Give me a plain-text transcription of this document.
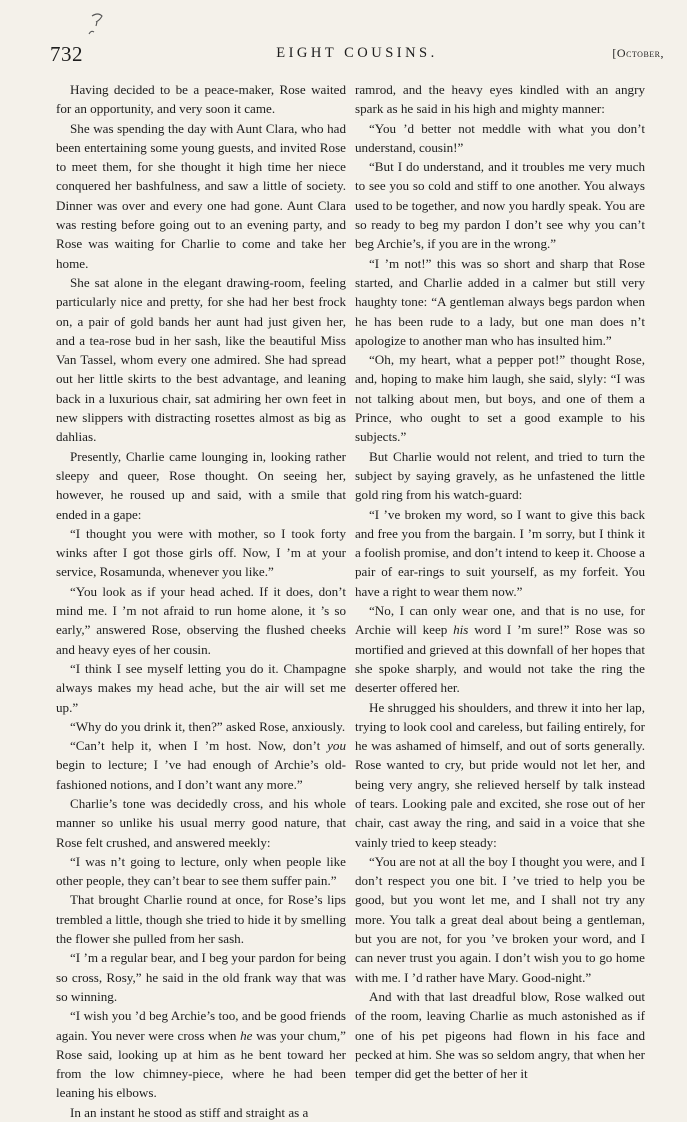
732	EIGHT COUSINS.	[October,

Having decided to be a peace-maker, Rose waited for an opportunity, and very soon it came.

She was spending the day with Aunt Clara, who had been entertaining some young guests, and invited Rose to meet them, for she thought it high time her niece conquered her bashfulness, and saw a little of society. Dinner was over and every one had gone. Aunt Clara was resting before going out to an evening party, and Rose was waiting for Charlie to come and take her home.

She sat alone in the elegant drawing-room, feeling particularly nice and pretty, for she had her best frock on, a pair of gold bands her aunt had just given her, and a tea-rose bud in her sash, like the beautiful Miss Van Tassel, whom every one admired. She had spread out her little skirts to the best advantage, and leaning back in a luxurious chair, sat admiring her own feet in new slippers with distracting rosettes almost as big as dahlias.

Presently, Charlie came lounging in, looking rather sleepy and queer, Rose thought. On seeing her, however, he roused up and said, with a smile that ended in a gape:

“I thought you were with mother, so I took forty winks after I got those girls off. Now, I ’m at your service, Rosamunda, whenever you like.”

“You look as if your head ached. If it does, don’t mind me. I ’m not afraid to run home alone, it ’s so early,” answered Rose, observing the flushed cheeks and heavy eyes of her cousin.

“I think I see myself letting you do it. Champagne always makes my head ache, but the air will set me up.”

“Why do you drink it, then?” asked Rose, anxiously.

“Can’t help it, when I ’m host. Now, don’t you begin to lecture; I ’ve had enough of Archie’s old-fashioned notions, and I don’t want any more.”

Charlie’s tone was decidedly cross, and his whole manner so unlike his usual merry good nature, that Rose felt crushed, and answered meekly:

“I was n’t going to lecture, only when people like other people, they can’t bear to see them suffer pain.”

That brought Charlie round at once, for Rose’s lips trembled a little, though she tried to hide it by smelling the flower she pulled from her sash.

“I ’m a regular bear, and I beg your pardon for being so cross, Rosy,” he said in the old frank way that was so winning.

“I wish you ’d beg Archie’s too, and be good friends again. You never were cross when he was your chum,” Rose said, looking up at him as he bent toward her from the low chimney-piece, where he had been leaning his elbows.

In an instant he stood as stiff and straight as a

ramrod, and the heavy eyes kindled with an angry spark as he said in his high and mighty manner:

“You ’d better not meddle with what you don’t understand, cousin!”

“But I do understand, and it troubles me very much to see you so cold and stiff to one another. You always used to be together, and now you hardly speak. You are so ready to beg my pardon I don’t see why you can’t beg Archie’s, if you are in the wrong.”

“I ’m not!” this was so short and sharp that Rose started, and Charlie added in a calmer but still very haughty tone: “A gentleman always begs pardon when he has been rude to a lady, but one man does n’t apologize to another man who has insulted him.”

“Oh, my heart, what a pepper pot!” thought Rose, and, hoping to make him laugh, she said, slyly: “I was not talking about men, but boys, and one of them a Prince, who ought to set a good example to his subjects.”

But Charlie would not relent, and tried to turn the subject by saying gravely, as he unfastened the little gold ring from his watch-guard:

“I ’ve broken my word, so I want to give this back and free you from the bargain. I ’m sorry, but I think it a foolish promise, and don’t intend to keep it. Choose a pair of ear-rings to suit yourself, as my forfeit. You have a right to wear them now.”

“No, I can only wear one, and that is no use, for Archie will keep his word I ’m sure!” Rose was so mortified and grieved at this downfall of her hopes that she spoke sharply, and would not take the ring the deserter offered her.

He shrugged his shoulders, and threw it into her lap, trying to look cool and careless, but failing entirely, for he was ashamed of himself, and out of sorts generally. Rose wanted to cry, but pride would not let her, and being very angry, she relieved herself by talk instead of tears. Looking pale and excited, she rose out of her chair, cast away the ring, and said in a voice that she vainly tried to keep steady:

“You are not at all the boy I thought you were, and I don’t respect you one bit. I ’ve tried to help you be good, but you wont let me, and I shall not try any more. You talk a great deal about being a gentleman, but you are not, for you ’ve broken your word, and I can never trust you again. I don’t wish you to go home with me. I ’d rather have Mary. Good-night.”

And with that last dreadful blow, Rose walked out of the room, leaving Charlie as much astonished as if one of his pet pigeons had flown in his face and pecked at him. She was so seldom angry, that when her temper did get the better of her it
